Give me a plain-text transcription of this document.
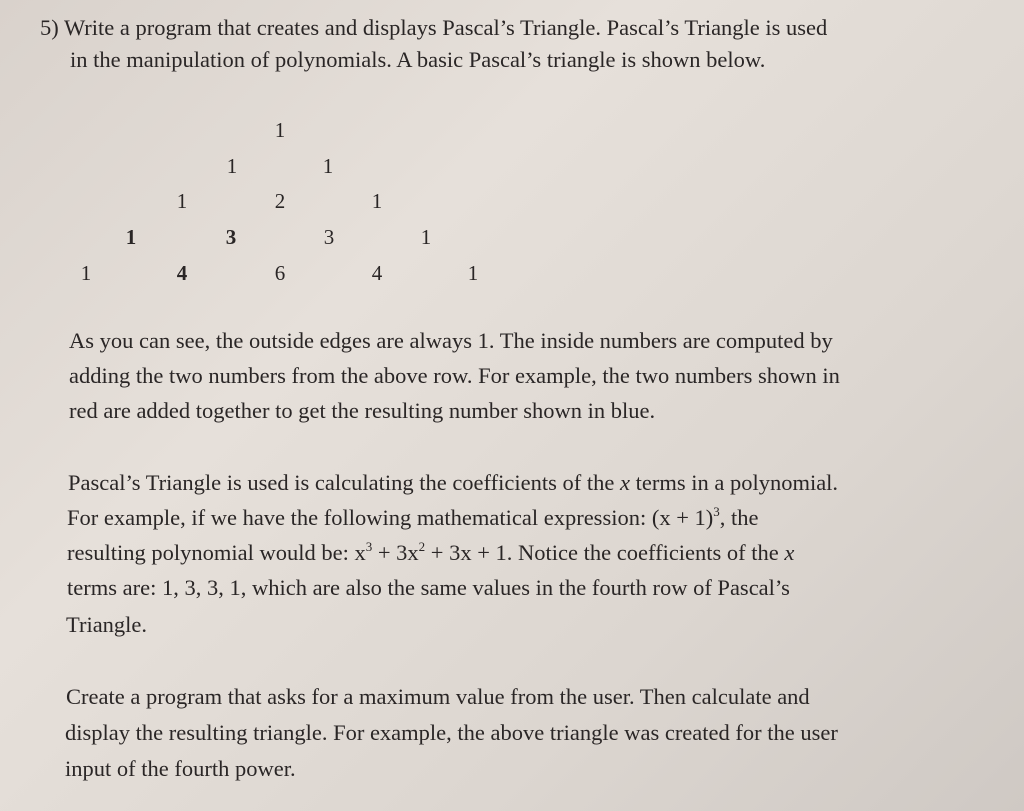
5) Write a program that creates and displays Pascal’s Triangle. Pascal’s Triangle is used
in the manipulation of polynomials. A basic Pascal’s triangle is shown below.
1
1	1
1	2	1
1	3	3	1
1	4	6	4	1
As you can see, the outside edges are always 1. The inside numbers are computed by
adding the two numbers from the above row. For example, the two numbers shown in
red are added together to get the resulting number shown in blue.
Pascal’s Triangle is used is calculating the coefficients of the x terms in a polynomial.
For example, if we have the following mathematical expression: $(x + 1)^3$, the
resulting polynomial would be: $x^3 + 3x^2 + 3x + 1$. Notice the coefficients of the x
terms are: 1, 3, 3, 1, which are also the same values in the fourth row of Pascal’s
Triangle.
Create a program that asks for a maximum value from the user. Then calculate and
display the resulting triangle. For example, the above triangle was created for the user
input of the fourth power.
